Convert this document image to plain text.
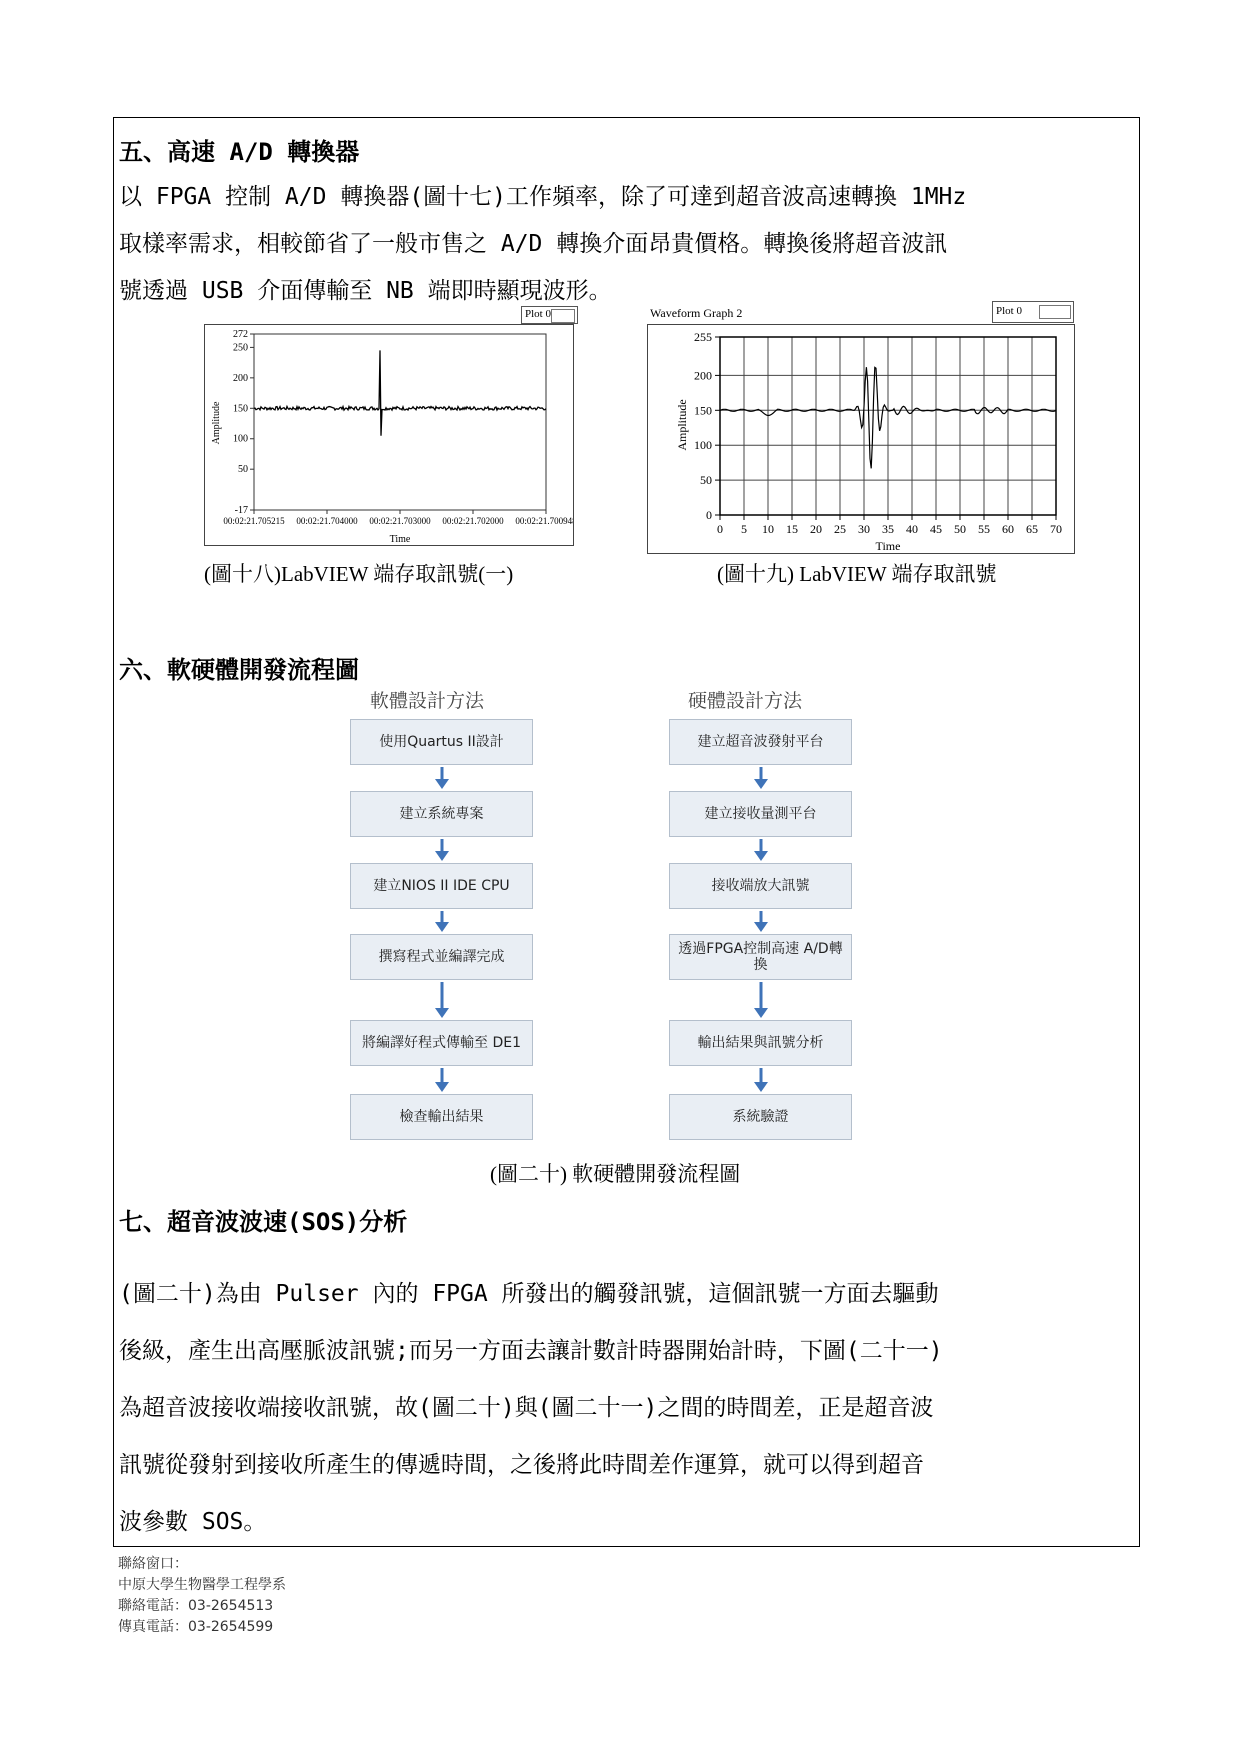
五、高速 A/D 轉換器
以 FPGA 控制 A/D 轉換器(圖十七)工作頻率，除了可達到超音波高速轉換 1MHz
取樣率需求，相較節省了一般市售之 A/D 轉換介面昂貴價格。轉換後將超音波訊
號透過 USB 介面傳輸至 NB 端即時顯現波形。
Plot 0
272
250
200
150
100
50
-17
00:02:21.705215 00:02:21.704000 00:02:21.703000 00:02:21.702000 00:02:21.700948
Amplitude
Time
(圖十八)LabVIEW 端存取訊號(一)
Waveform Graph 2	Plot 0
0
50
100
150
200
255
0 5 10 15 20 25 30 35 40 45 50 55 60 65 70
Amplitude
Time
(圖十九) LabVIEW 端存取訊號
六、軟硬體開發流程圖
軟體設計方法	硬體設計方法
使用Quartus II設計
建立系統專案
建立NIOS II IDE CPU
撰寫程式並編譯完成
將編譯好程式傳輸至 DE1
檢查輸出結果
建立超音波發射平台
建立接收量測平台
接收端放大訊號
透過FPGA控制高速 A/D轉換
輸出結果與訊號分析
系統驗證
(圖二十) 軟硬體開發流程圖
七、超音波波速(SOS)分析
(圖二十)為由 Pulser 內的 FPGA 所發出的觸發訊號，這個訊號一方面去驅動
後級，產生出高壓脈波訊號;而另一方面去讓計數計時器開始計時，下圖(二十一)
為超音波接收端接收訊號，故(圖二十)與(圖二十一)之間的時間差，正是超音波
訊號從發射到接收所產生的傳遞時間，之後將此時間差作運算，就可以得到超音
波參數 SOS。
聯絡窗口：
中原大學生物醫學工程學系
聯絡電話：03-2654513
傳真電話：03-2654599
